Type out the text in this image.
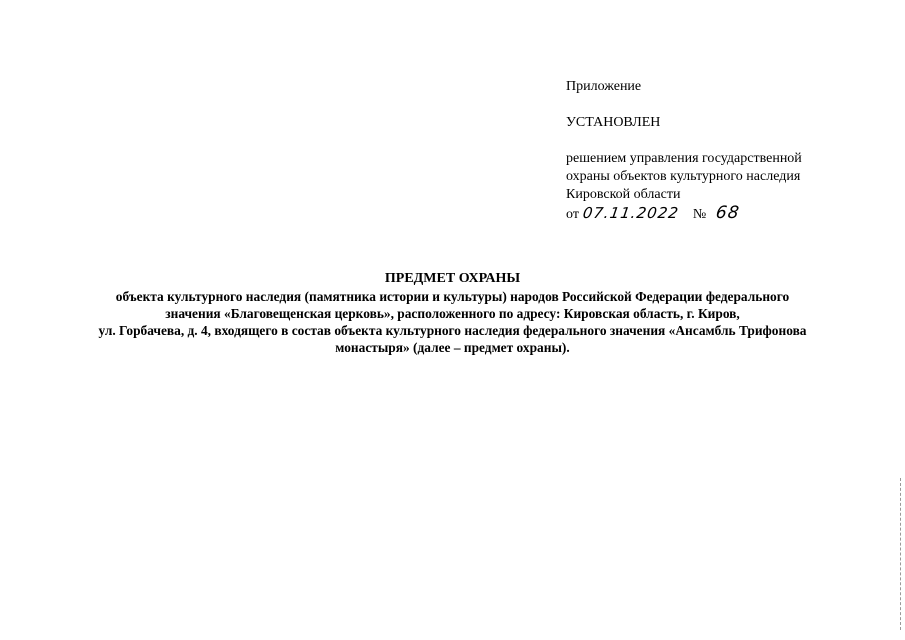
Приложение
УСТАНОВЛЕН
решением управления государственной
охраны объектов культурного наследия
Кировской области
от 07.11.2022 № 68
ПРЕДМЕТ ОХРАНЫ
объекта культурного наследия (памятника истории и культуры) народов Российской Федерации федерального
значения «Благовещенская церковь», расположенного по адресу: Кировская область, г. Киров,
ул. Горбачева, д. 4, входящего в состав объекта культурного наследия федерального значения «Ансамбль Трифонова
монастыря» (далее – предмет охраны).
